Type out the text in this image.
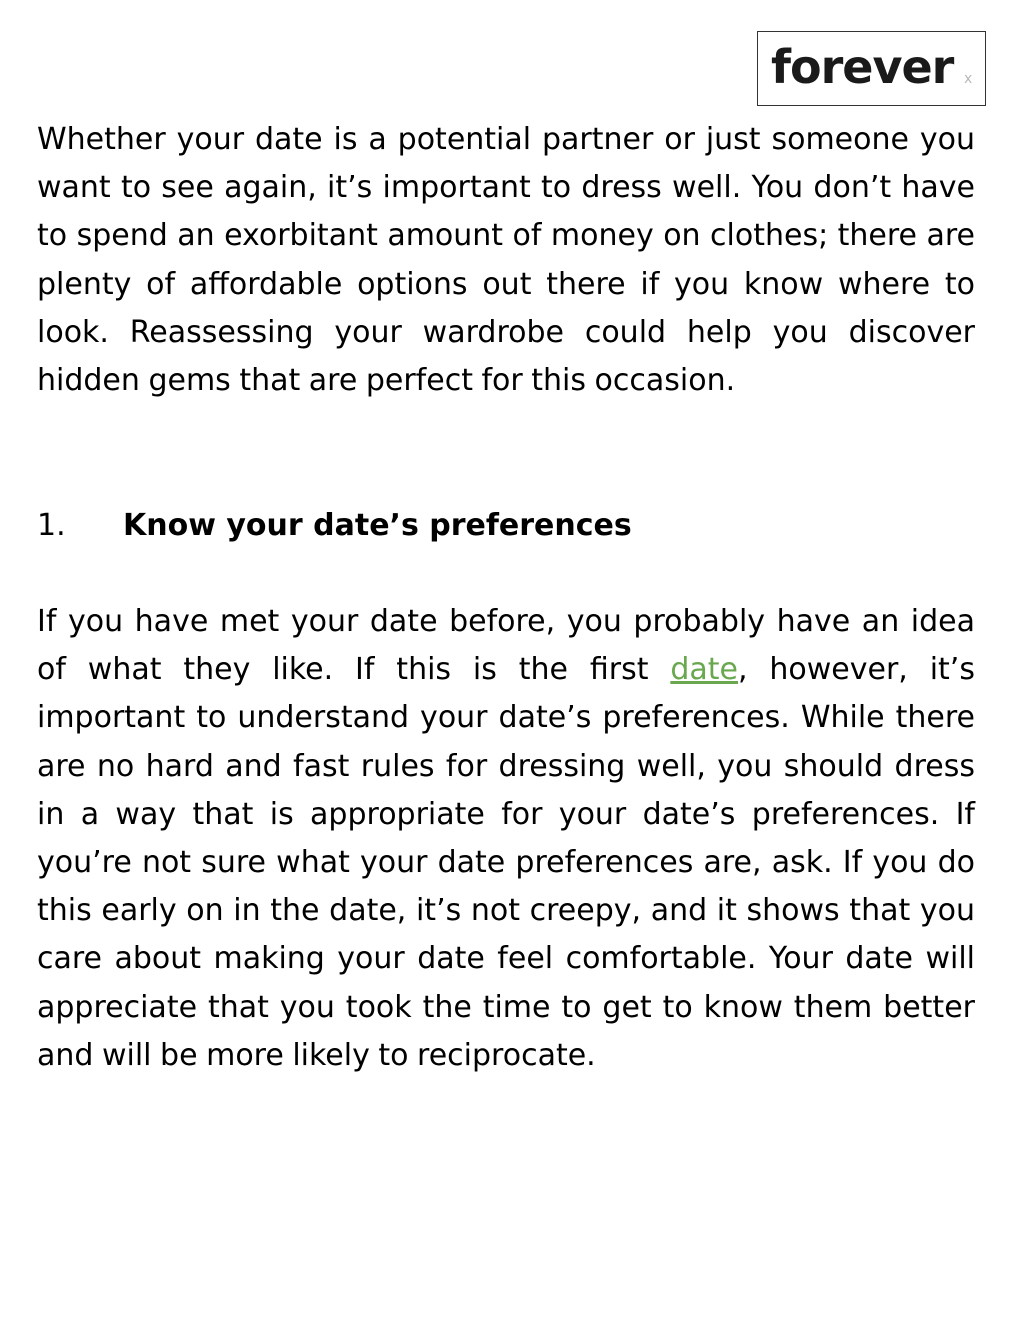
forever x

Whether your date is a potential partner or just someone you want to see again, it’s important to dress well. You don’t have to spend an exorbitant amount of money on clothes; there are plenty of affordable options out there if you know where to look. Reassessing your wardrobe could help you discover hidden gems that are perfect for this occasion.

1. Know your date’s preferences

If you have met your date before, you probably have an idea of what they like. If this is the first date, however, it’s important to understand your date’s preferences. While there are no hard and fast rules for dressing well, you should dress in a way that is appropriate for your date’s preferences. If you’re not sure what your date preferences are, ask. If you do this early on in the date, it’s not creepy, and it shows that you care about making your date feel comfortable. Your date will appreciate that you took the time to get to know them better and will be more likely to reciprocate.
